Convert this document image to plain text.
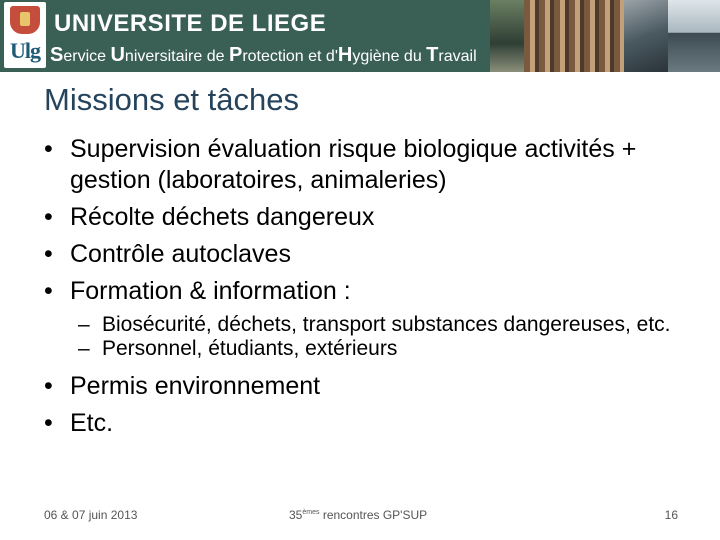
Ulg
UNIVERSITE DE LIEGE
Service Universitaire de Protection et d'Hygiène du Travail
Missions et tâches
• Supervision évaluation risque biologique activités + gestion (laboratoires, animaleries)
• Récolte déchets dangereux
• Contrôle autoclaves
• Formation & information :
– Biosécurité, déchets, transport substances dangereuses, etc.
– Personnel, étudiants, extérieurs
• Permis environnement
• Etc.
06 & 07 juin 2013	35èmes rencontres GP'SUP	16
